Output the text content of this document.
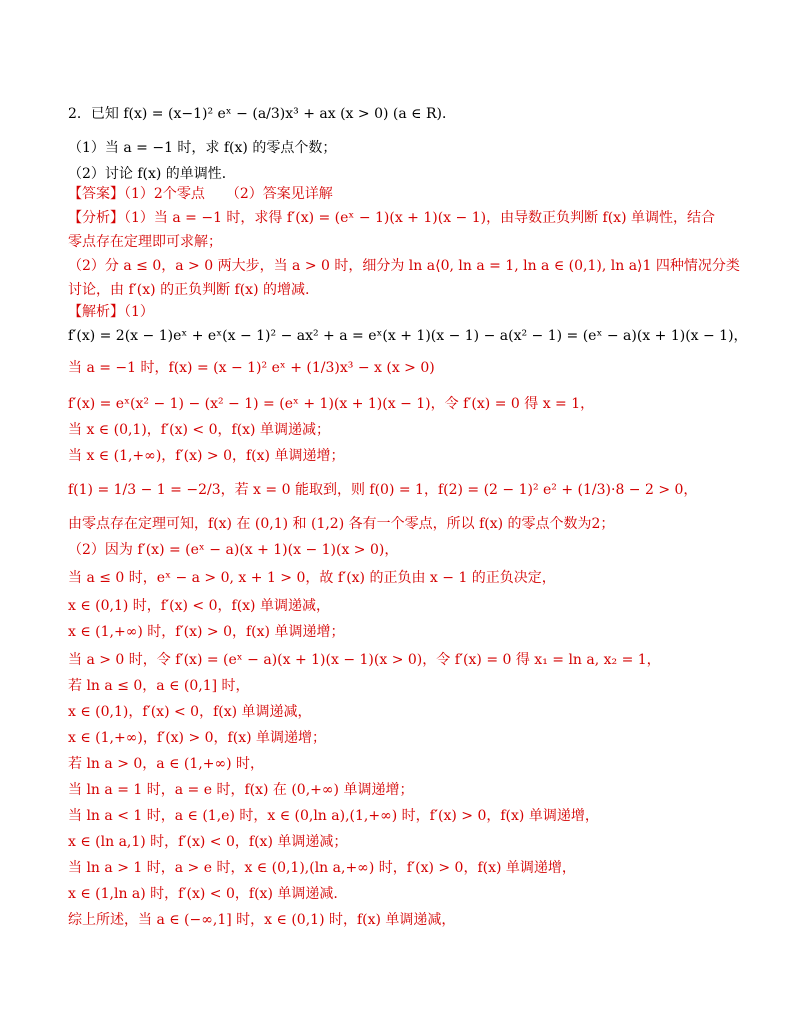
2．已知 f(x) = (x−1)² eˣ − (a/3)x³ + ax (x > 0) (a ∈ R)．
（1）当 a = −1 时，求 f(x) 的零点个数；
（2）讨论 f(x) 的单调性．
【答案】（1）2个零点　　（2）答案见详解
【分析】（1）当 a = −1 时，求得 f′(x) = (eˣ − 1)(x + 1)(x − 1)，由导数正负判断 f(x) 单调性，结合
零点存在定理即可求解；
（2）分 a ≤ 0，a > 0 两大步，当 a > 0 时，细分为 ln a⟨0, ln a = 1, ln a ∈ (0,1), ln a⟩1 四种情况分类
讨论，由 f′(x) 的正负判断 f(x) 的增减.
【解析】（1）
f′(x) = 2(x − 1)eˣ + eˣ(x − 1)² − ax² + a = eˣ(x + 1)(x − 1) − a(x² − 1) = (eˣ − a)(x + 1)(x − 1)，
当 a = −1 时，f(x) = (x − 1)² eˣ + (1/3)x³ − x (x > 0)
f′(x) = eˣ(x² − 1) − (x² − 1) = (eˣ + 1)(x + 1)(x − 1)，令 f′(x) = 0 得 x = 1，
当 x ∈ (0,1)，f′(x) < 0，f(x) 单调递减；
当 x ∈ (1,+∞)，f′(x) > 0，f(x) 单调递增；
f(1) = 1/3 − 1 = −2/3，若 x = 0 能取到，则 f(0) = 1，f(2) = (2 − 1)² e² + (1/3)·8 − 2 > 0，
由零点存在定理可知，f(x) 在 (0,1) 和 (1,2) 各有一个零点，所以 f(x) 的零点个数为2；
（2）因为 f′(x) = (eˣ − a)(x + 1)(x − 1)(x > 0)，
当 a ≤ 0 时，eˣ − a > 0, x + 1 > 0，故 f′(x) 的正负由 x − 1 的正负决定，
x ∈ (0,1) 时，f′(x) < 0，f(x) 单调递减，
x ∈ (1,+∞) 时，f′(x) > 0，f(x) 单调递增；
当 a > 0 时，令 f′(x) = (eˣ − a)(x + 1)(x − 1)(x > 0)，令 f′(x) = 0 得 x₁ = ln a, x₂ = 1，
若 ln a ≤ 0，a ∈ (0,1] 时，
x ∈ (0,1)，f′(x) < 0，f(x) 单调递减，
x ∈ (1,+∞)，f′(x) > 0，f(x) 单调递增；
若 ln a > 0，a ∈ (1,+∞) 时，
当 ln a = 1 时，a = e 时，f(x) 在 (0,+∞) 单调递增；
当 ln a < 1 时，a ∈ (1,e) 时，x ∈ (0,ln a),(1,+∞) 时，f′(x) > 0，f(x) 单调递增，
x ∈ (ln a,1) 时，f′(x) < 0，f(x) 单调递减；
当 ln a > 1 时，a > e 时，x ∈ (0,1),(ln a,+∞) 时，f′(x) > 0，f(x) 单调递增，
x ∈ (1,ln a) 时，f′(x) < 0，f(x) 单调递减.
综上所述，当 a ∈ (−∞,1] 时，x ∈ (0,1) 时，f(x) 单调递减，
